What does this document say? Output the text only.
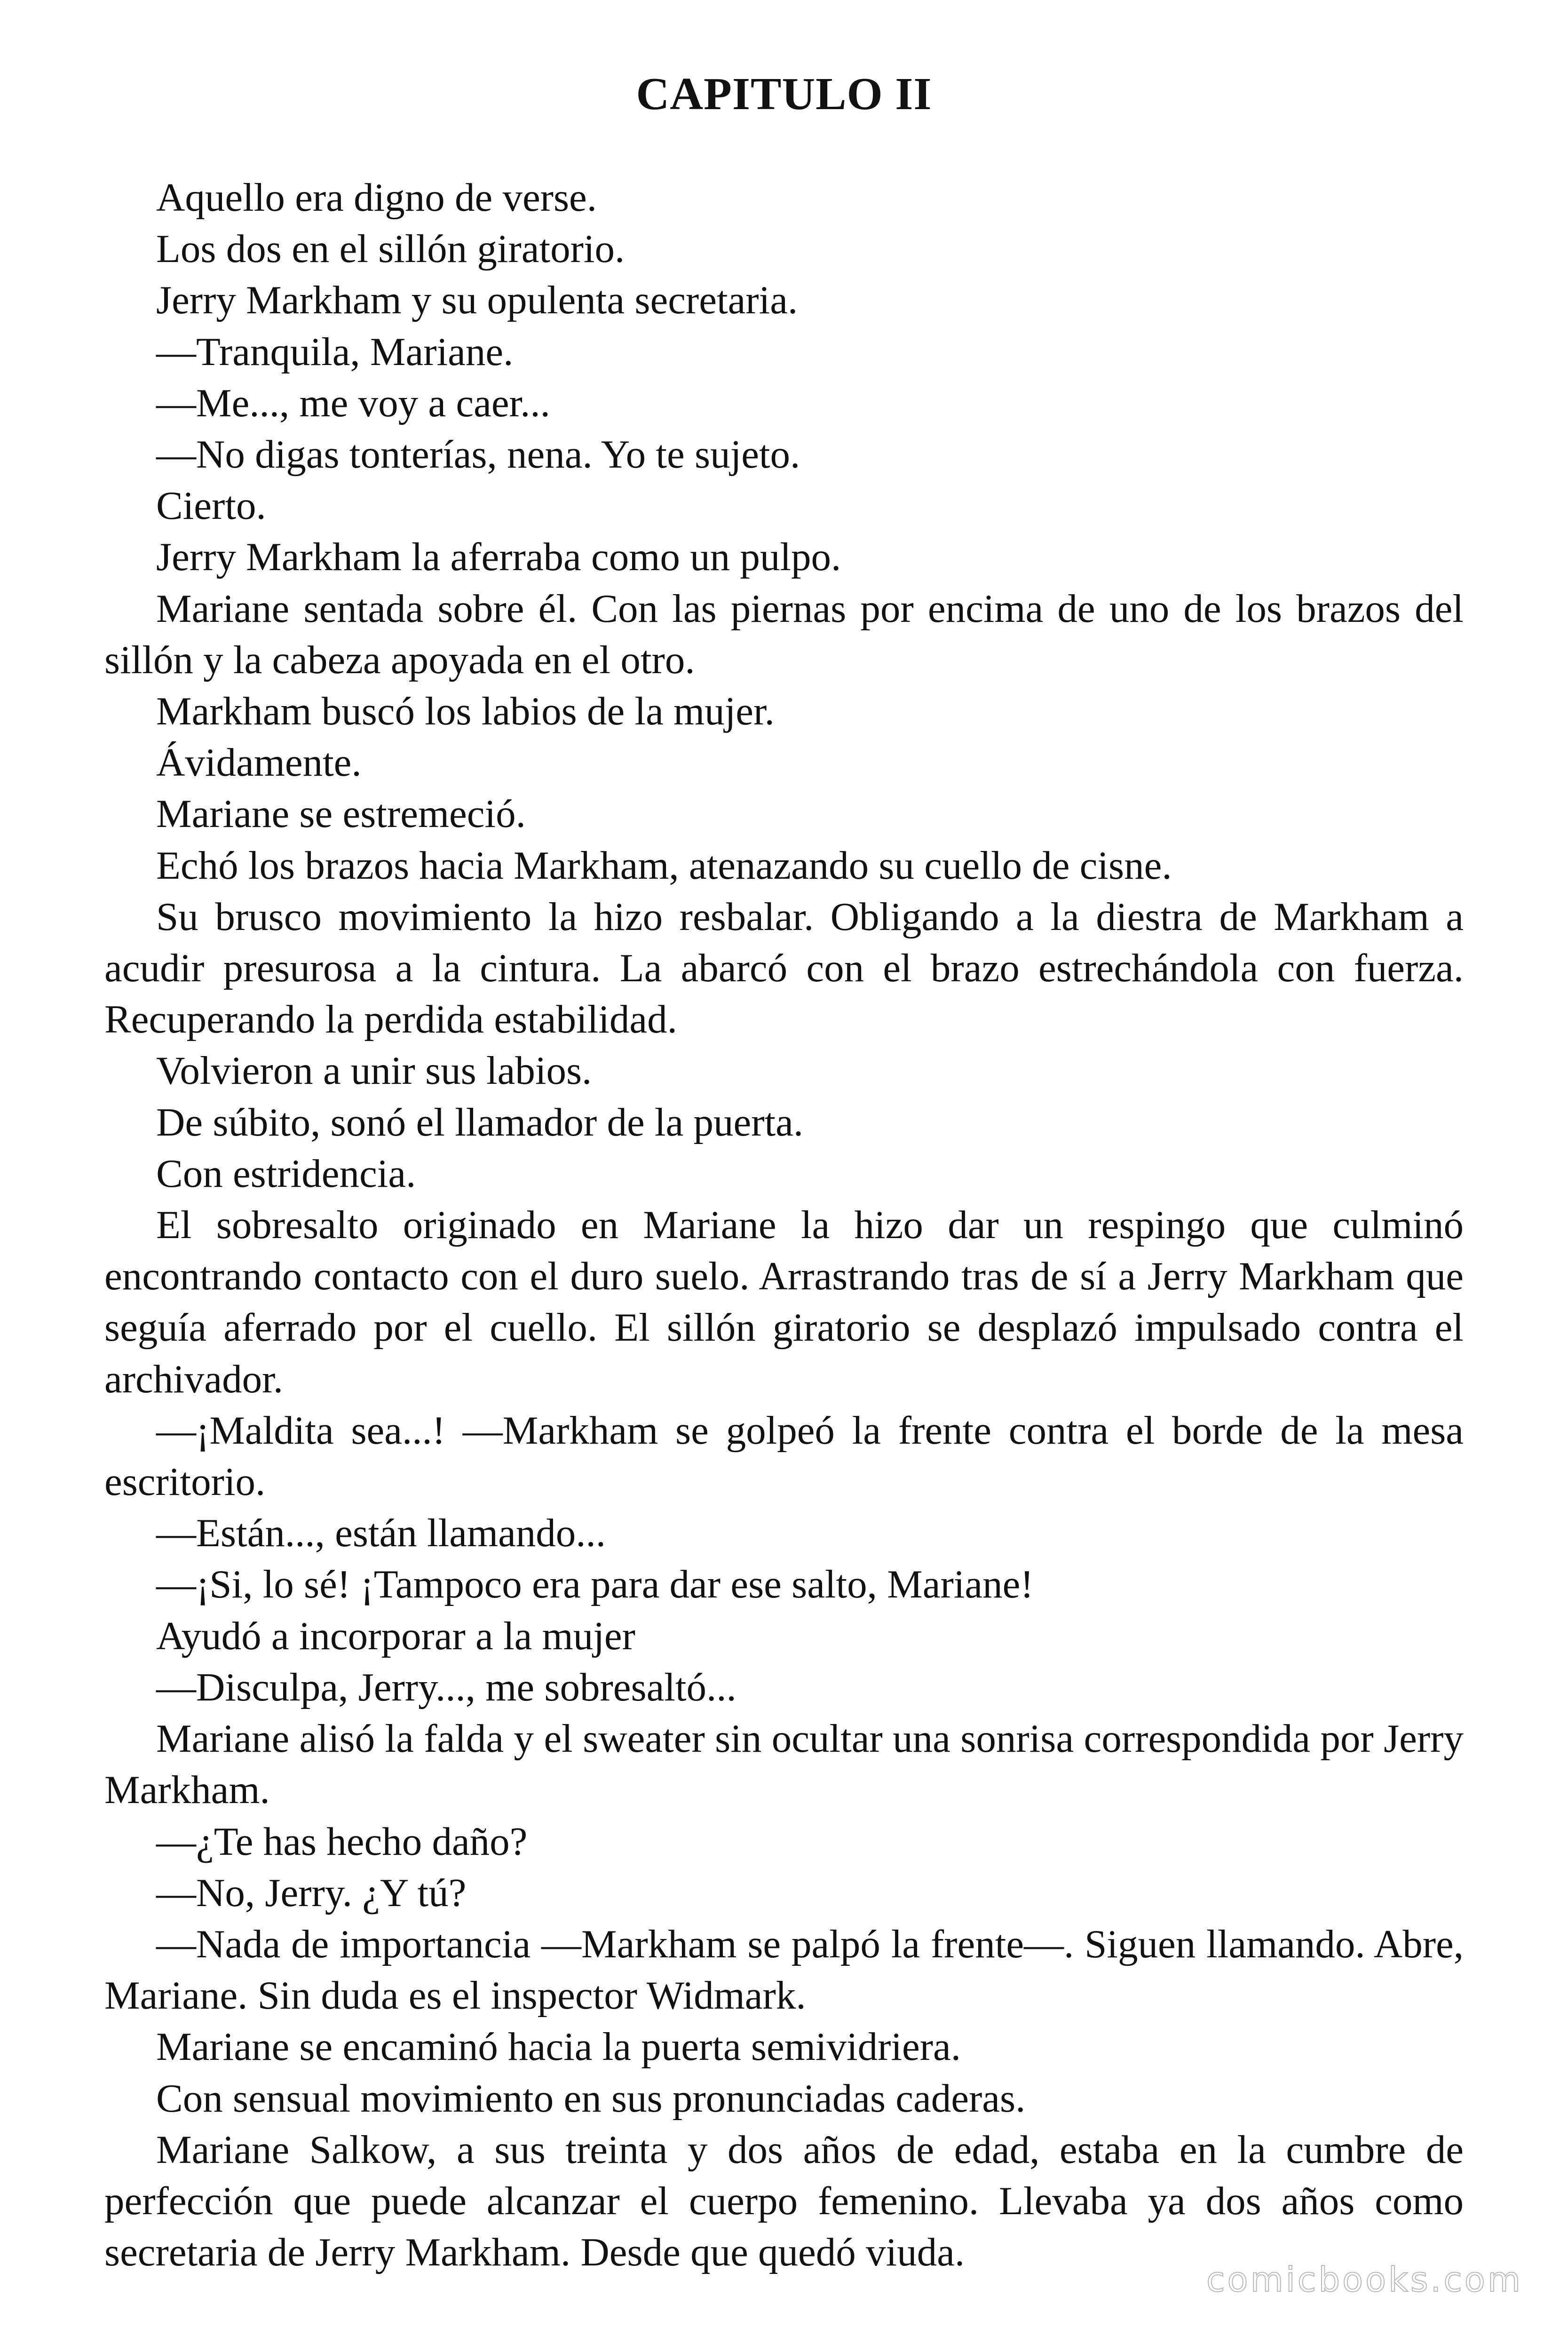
CAPITULO II

Aquello era digno de verse.

Los dos en el sillón giratorio.

Jerry Markham y su opulenta secretaria.

—Tranquila, Mariane.

—Me..., me voy a caer...

—No digas tonterías, nena. Yo te sujeto.

Cierto.

Jerry Markham la aferraba como un pulpo.

Mariane sentada sobre él. Con las piernas por encima de uno de los brazos del sillón y la cabeza apoyada en el otro.

Markham buscó los labios de la mujer.

Ávidamente.

Mariane se estremeció.

Echó los brazos hacia Markham, atenazando su cuello de cisne.

Su brusco movimiento la hizo resbalar. Obligando a la diestra de Markham a acudir presurosa a la cintura. La abarcó con el brazo estrechándola con fuerza. Recuperando la perdida estabilidad.

Volvieron a unir sus labios.

De súbito, sonó el llamador de la puerta.

Con estridencia.

El sobresalto originado en Mariane la hizo dar un respingo que culminó encontrando contacto con el duro suelo. Arrastrando tras de sí a Jerry Markham que seguía aferrado por el cuello. El sillón giratorio se desplazó impulsado contra el archivador.

—¡Maldita sea...! —Markham se golpeó la frente contra el borde de la mesa escritorio.

—Están..., están llamando...

—¡Si, lo sé! ¡Tampoco era para dar ese salto, Mariane!

Ayudó a incorporar a la mujer

—Disculpa, Jerry..., me sobresaltó...

Mariane alisó la falda y el sweater sin ocultar una sonrisa correspondida por Jerry Markham.

—¿Te has hecho daño?

—No, Jerry. ¿Y tú?

—Nada de importancia —Markham se palpó la frente—. Siguen llamando. Abre, Mariane. Sin duda es el inspector Widmark.

Mariane se encaminó hacia la puerta semividriera.

Con sensual movimiento en sus pronunciadas caderas.

Mariane Salkow, a sus treinta y dos años de edad, estaba en la cumbre de perfección que puede alcanzar el cuerpo femenino. Llevaba ya dos años como secretaria de Jerry Markham. Desde que quedó viuda.

comicbooks.com
